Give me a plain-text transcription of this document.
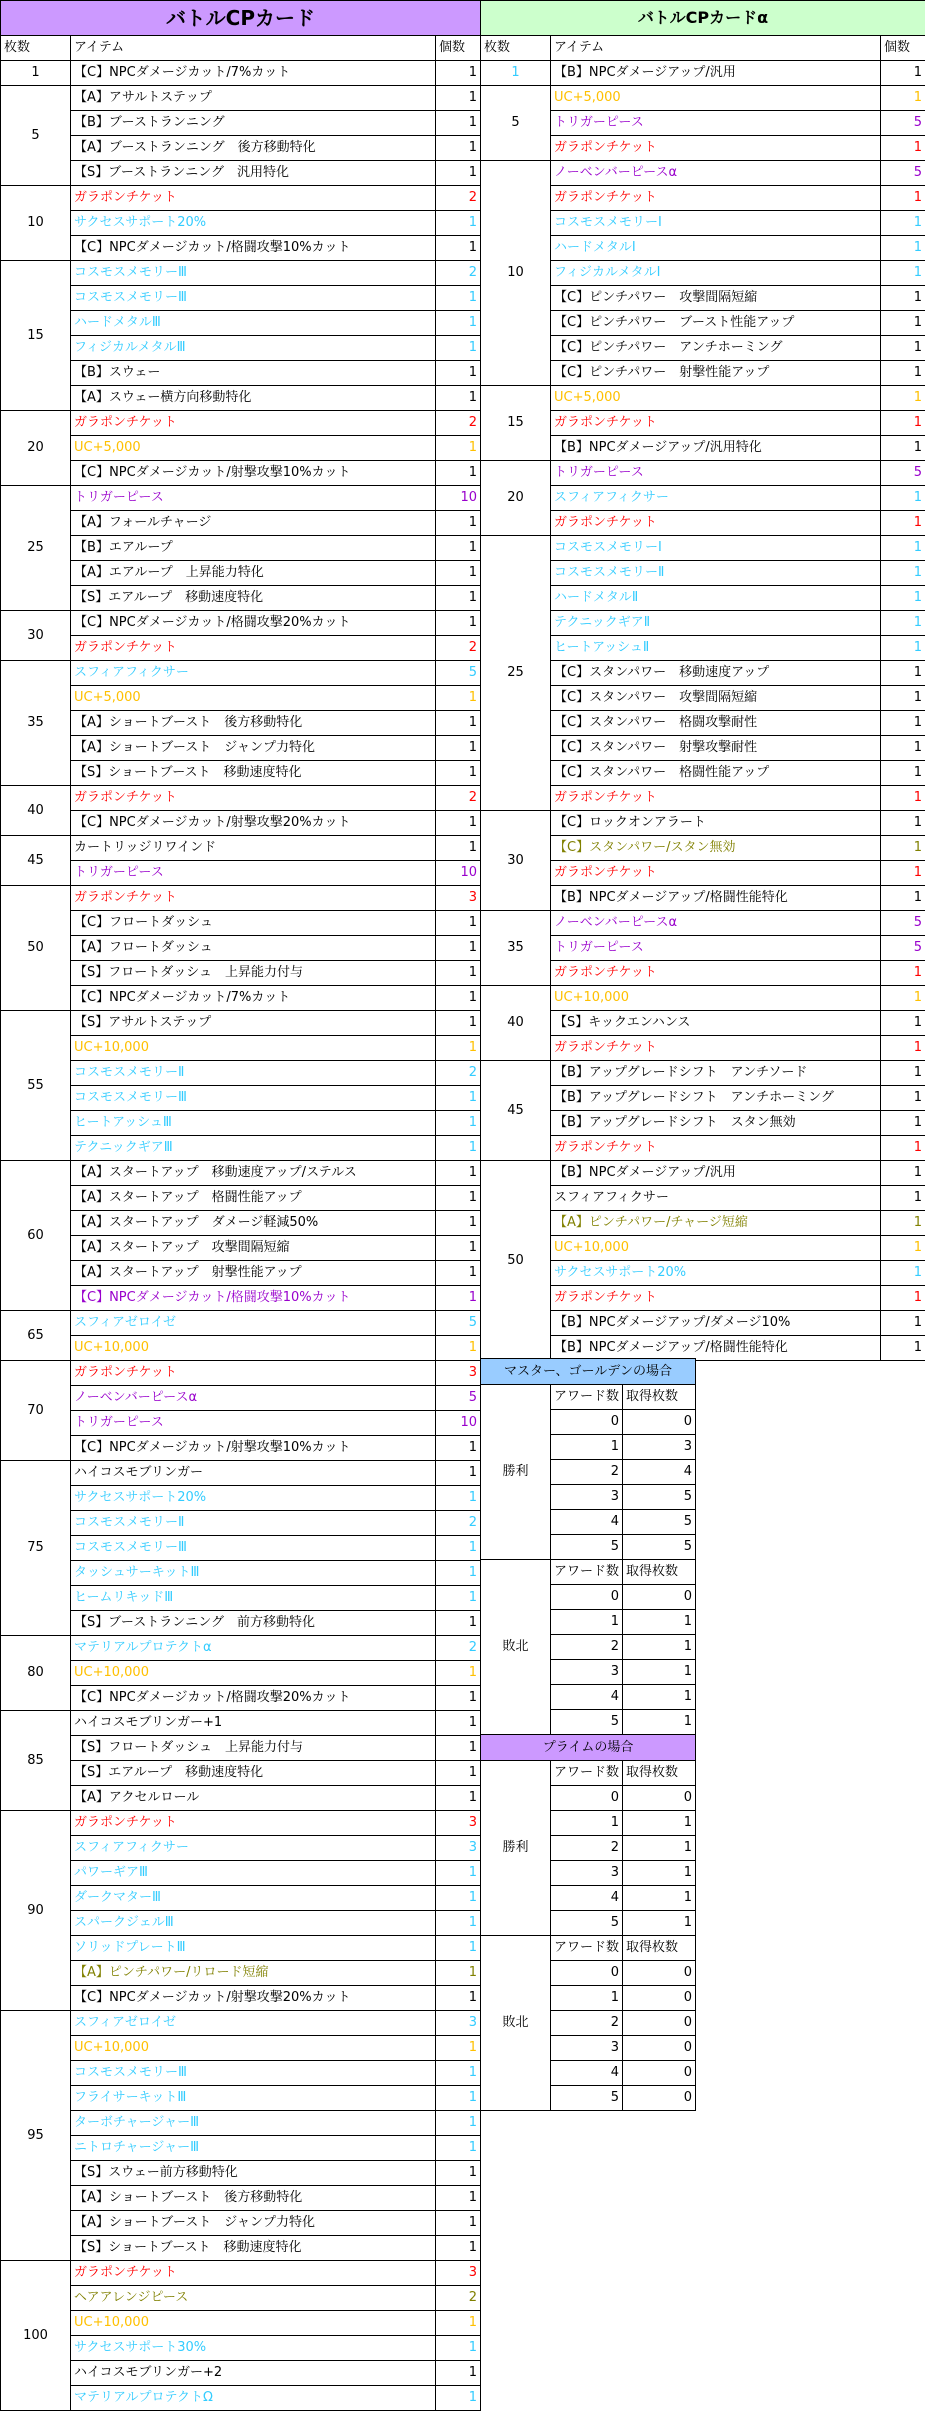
バトルCPカード		
枚数	アイテム	個数
1	【C】NPCダメージカット/7%カット	1
5	【A】アサルトステップ	1
	【B】ブーストランニング	1
	【A】ブーストランニング　後方移動特化	1
	【S】ブーストランニング　汎用特化	1
10	ガラポンチケット	2
	サクセスサポート20%	1
	【C】NPCダメージカット/格闘攻撃10%カット	1
15	コスモスメモリーⅢ	2
	コスモスメモリーⅢ	1
	ハードメタルⅢ	1
	フィジカルメタルⅢ	1
	【B】スウェー	1
	【A】スウェー横方向移動特化	1
20	ガラポンチケット	2
	UC+5,000	1
	【C】NPCダメージカット/射撃攻撃10%カット	1
25	トリガーピース	10
	【A】フォールチャージ	1
	【B】エアループ	1
	【A】エアループ　上昇能力特化	1
	【S】エアループ　移動速度特化	1
30	【C】NPCダメージカット/格闘攻撃20%カット	1
	ガラポンチケット	2
35	スフィアフィクサー	5
	UC+5,000	1
	【A】ショートブースト　後方移動特化	1
	【A】ショートブースト　ジャンプ力特化	1
	【S】ショートブースト　移動速度特化	1
40	ガラポンチケット	2
	【C】NPCダメージカット/射撃攻撃20%カット	1
45	カートリッジリワインド	1
	トリガーピース	10
50	ガラポンチケット	3
	【C】フロートダッシュ	1
	【A】フロートダッシュ	1
	【S】フロートダッシュ　上昇能力付与	1
	【C】NPCダメージカット/7%カット	1
55	【S】アサルトステップ	1
	UC+10,000	1
	コスモスメモリーⅡ	2
	コスモスメモリーⅢ	1
	ヒートアッシュⅢ	1
	テクニックギアⅢ	1
60	【A】スタートアップ　移動速度アップ/ステルス	1
	【A】スタートアップ　格闘性能アップ	1
	【A】スタートアップ　ダメージ軽減50%	1
	【A】スタートアップ　攻撃間隔短縮	1
	【A】スタートアップ　射撃性能アップ	1
	【C】NPCダメージカット/格闘攻撃10%カット	1
65	スフィアゼロイゼ	5
	UC+10,000	1
70	ガラポンチケット	3
	ノーベンバーピースα	5
	トリガーピース	10
	【C】NPCダメージカット/射撃攻撃10%カット	1
75	ハイコスモブリンガー	1
	サクセスサポート20%	1
	コスモスメモリーⅡ	2
	コスモスメモリーⅢ	1
	タッシュサーキットⅢ	1
	ヒームリキッドⅢ	1
	【S】ブーストランニング　前方移動特化	1
80	マテリアルプロテクトα	2
	UC+10,000	1
	【C】NPCダメージカット/格闘攻撃20%カット	1
85	ハイコスモブリンガー+1	1
	【S】フロートダッシュ　上昇能力付与	1
	【S】エアループ　移動速度特化	1
	【A】アクセルロール	1
90	ガラポンチケット	3
	スフィアフィクサー	3
	パワーギアⅢ	1
	ダークマターⅢ	1
	スパークジェルⅢ	1
	ソリッドプレートⅢ	1
	【A】ピンチパワー/リロード短縮	1
	【C】NPCダメージカット/射撃攻撃20%カット	1
95	スフィアゼロイゼ	3
	UC+10,000	1
	コスモスメモリーⅢ	1
	フライサーキットⅢ	1
	ターボチャージャーⅢ	1
	ニトロチャージャーⅢ	1
	【S】スウェー前方移動特化	1
	【A】ショートブースト　後方移動特化	1
	【A】ショートブースト　ジャンプ力特化	1
	【S】ショートブースト　移動速度特化	1
100	ガラポンチケット	3
	ヘアアレンジピース	2
	UC+10,000	1
	サクセスサポート30%	1
	ハイコスモブリンガー+2	1
	マテリアルプロテクトΩ	1
バトルCPカードα		
枚数	アイテム	個数
1	【B】NPCダメージアップ/汎用	1
5	UC+5,000	1
	トリガーピース	5
	ガラポンチケット	1
10	ノーベンバーピースα	5
	ガラポンチケット	1
	コスモスメモリーⅠ	1
	ハードメタルⅠ	1
	フィジカルメタルⅠ	1
	【C】ピンチパワー　攻撃間隔短縮	1
	【C】ピンチパワー　ブースト性能アップ	1
	【C】ピンチパワー　アンチホーミング	1
	【C】ピンチパワー　射撃性能アップ	1
15	UC+5,000	1
	ガラポンチケット	1
	【B】NPCダメージアップ/汎用特化	1
20	トリガーピース	5
	スフィアフィクサー	1
	ガラポンチケット	1
25	コスモスメモリーⅠ	1
	コスモスメモリーⅡ	1
	ハードメタルⅡ	1
	テクニックギアⅡ	1
	ヒートアッシュⅡ	1
	【C】スタンパワー　移動速度アップ	1
	【C】スタンパワー　攻撃間隔短縮	1
	【C】スタンパワー　格闘攻撃耐性	1
	【C】スタンパワー　射撃攻撃耐性	1
	【C】スタンパワー　格闘性能アップ	1
	ガラポンチケット	1
30	【C】ロックオンアラート	1
	【C】スタンパワー/スタン無効	1
	ガラポンチケット	1
	【B】NPCダメージアップ/格闘性能特化	1
35	ノーベンバーピースα	5
	トリガーピース	5
	ガラポンチケット	1
40	UC+10,000	1
	【S】キックエンハンス	1
	ガラポンチケット	1
45	【B】アップグレードシフト　アンチソード	1
	【B】アップグレードシフト　アンチホーミング	1
	【B】アップグレードシフト　スタン無効	1
	ガラポンチケット	1
50	【B】NPCダメージアップ/汎用	1
	スフィアフィクサー	1
	【A】ピンチパワー/チャージ短縮	1
	UC+10,000	1
	サクセスサポート20%	1
	ガラポンチケット	1
	【B】NPCダメージアップ/ダメージ10%	1
	【B】NPCダメージアップ/格闘性能特化	1
マスター、ゴールデンの場合		
勝利	アワード数	取得枚数
	0	0
	1	3
	2	4
	3	5
	4	5
	5	5
敗北	アワード数	取得枚数
	0	0
	1	1
	2	1
	3	1
	4	1
	5	1
プライムの場合		
勝利	アワード数	取得枚数
	0	0
	1	1
	2	1
	3	1
	4	1
	5	1
敗北	アワード数	取得枚数
	0	0
	1	0
	2	0
	3	0
	4	0
	5	0
